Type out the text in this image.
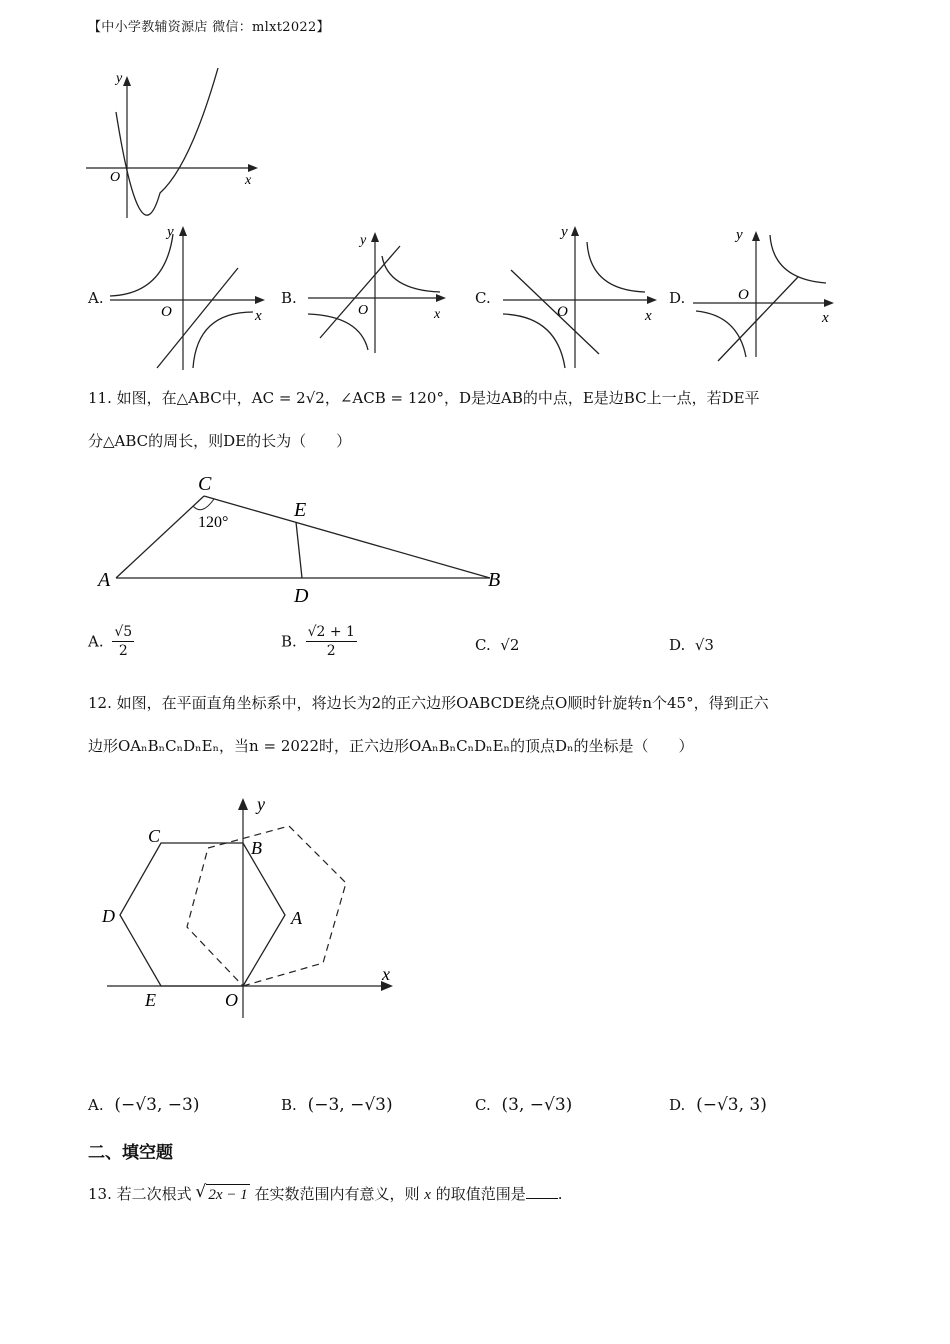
【中小学教辅资源店 微信：mlxt2022】
y
x
O
A.
y
O	x
B.
y
O	x
C.
y
O	x
D.
y
O
x
11. 如图，在△ABC中，AC = 2√2，∠ACB = 120°，D是边AB的中点，E是边BC上一点，若DE平
分△ABC的周长，则DE的长为（　　）
C
120°
E
A
D
B
A. $\frac{√5}{2}$	B. $\frac{√2 + 1}{2}$	C. √2	D. √3
12. 如图，在平面直角坐标系中，将边长为2的正六边形OABCDE绕点O顺时针旋转n个45°，得到正六
边形OAₙBₙCₙDₙEₙ，当n = 2022时，正六边形OAₙBₙCₙDₙEₙ的顶点Dₙ的坐标是（　　）
y
x
C
B
D	A
E	O
A. (−√3, −3)	B. (−3, −√3)	C. (3, −√3)	D. (−√3, 3)
二、填空题
13. 若二次根式 √ 2x − 1 在实数范围内有意义，则 x 的取值范围是 .
